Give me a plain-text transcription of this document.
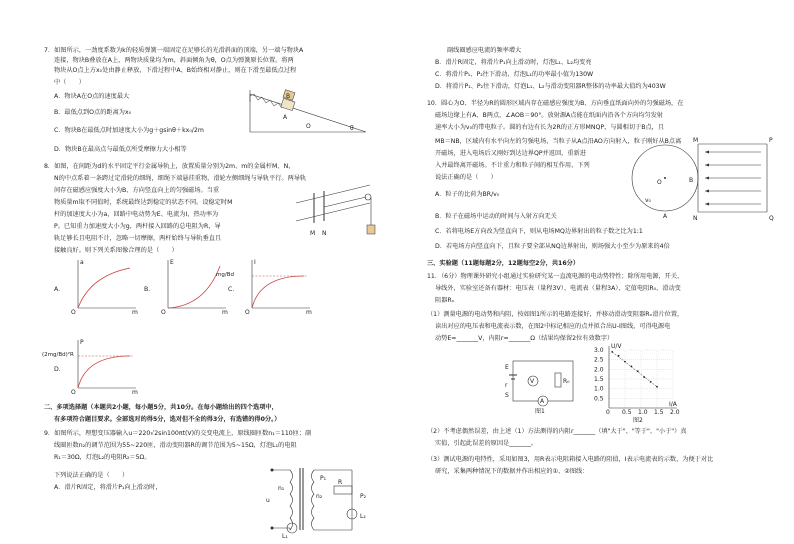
7．如图所示，一劲度系数为k的轻质弹簧一端固定在足够长的光滑斜面的顶端，另一端与物块A
连接，物块B叠放在A上，两物块质量均为m，斜面倾角为θ，O点为弹簧原长位置。将两
物块从O点上方x₀处由静止释放，下滑过程中A、B始终相对静止，则在下滑至最低点过程
中（　　）
A．物块A在O点的速度最大
B．最低点到O点的距离为x₀
C．物块B在最低点时加速度大小为g＋gsinθ＋kx₀/2m
D．物块B在最高点与最低点所受摩擦力大小相等
B
A
O	θ
8．如图，在间距为d的水平固定平行金属导轨上，放置质量分别为2m、m的金属杆M、N，
N的中点系着一条跨过定滑轮的细绳，细绳下端悬挂重物，滑轮左侧细绳与导轨平行。两导轨
间存在磁感应强度大小为B、方向竖直向上的匀强磁场。当重
物质量m取不同值时，系统最终达到稳定的状态不同。设稳定时M
杆的加速度大小为a，回路中电动势为E、电流为I，热功率为
P。已知重力加速度大小为g，两杆接入回路的总电阻为R，导
轨足够长且电阻不计，忽略一切摩擦，两杆始终与导轨垂直且
接触良好。则下列关系图像合理的是（　　）
M N
A．
a
m
O
B．
E
m
O
C．
I
m
O
mg/Bd
D．
P
m
O
(2mg/Bd)²R
二、多项选择题（本题共2小题，每小题5分，共10分。在每小题给出的四个选项中，
有多项符合题目要求。全部选对的得5分，选对但不全的得3分，有选错的得0分。）
9．如图所示，理想变压器输入u＝220√2sin100πt(V)的交变电流上，原线圈匝数n₁＝110匝；副
线圈匝数n₂的调节范围为55~220匝，滑动变阻器R的调节范围为5~15Ω，灯泡L₁的电阻
R₁＝30Ω，灯泡L₂的电阻R₂＝5Ω。
下列说法正确的是（　　）
A．滑片R固定，将滑片P₁向上滑动时，
u
n₁
n₂
P₁
P₂
R
L₁
L₂
副线圈感应电流的频率增大
B．滑片R固定，将滑片P₁向上滑动时，灯泡L₁、L₂均变亮
C．将滑片P₁、P₂往下滑动，灯泡L₁的功率最小值为130W
D．将滑片P₁、P₂往下滑动，灯泡L₁、L₂与滑动变阻器R整体的功率最大值约为403W
10．圆心为O、半径为R的圆形区域内存在磁感应强度为B、方向垂直纸面向外的匀强磁场，在
磁场边缘上有A、B两点，∠AOB＝90°。放射源A点能在纸面内沿各个方向均匀发射
速率大小为v₀的带电粒子。圆的右边有长为2R的正方形MNQP，与圆相切于B点，且
MB＝NB，区域内有水平向左的匀强电场，当粒子从A点沿AO方向射入，粒子刚好从B点离
开磁场，进入电场后又刚好到达边界QP并返回，重新进
入并最终离开磁场。不计重力和粒子间的相互作用，下列
说法正确的是（　　）
A．粒子的比荷为BR/v₀
B．粒子在磁场中运动的时间与入射方向无关
C．若将电场E方向改为竖直向下，则从电场MQ边界射出的粒子数之比为1:1
D．若电场方向竖直向下，且粒子要全部从NQ边界射出，则场强大小至少为原来的4倍
O
A
B
M
N
P
Q
v₀
三、实验题（11题每题2分，12题每空2分，共16分）
11．（6分）物理课外研究小组通过实验研究某一直流电源的电动势特性；除所用电源，开关、
导线外，实验室还备有器材：电压表（量程3V）、电流表（量程3A）、定值电阻R₀、滑动变
阻器Rₓ
（1）测量电源的电动势和内阻，按如图1所示的电路连接好，并移动滑动变阻器Rₓ滑片位置，
读出对应的电压表和电流表示数，在图2中标记相应的点并拟合出U-I图线，可得电源电
动势E=_______V，内阻r=_______Ω（结果均保留2位有效数字）
（2）不考虑偶然误差，由上述（1）方法测得的内阻r_______（填"大于"、"等于"、"小于"）真
实值，引起此误差的原因是_______。
（3）测试电源的电特性，采用如图3，用R表示电阻箱接入电路的阻值，I表示电流表的示数，为便于对比
研究，采集两种情况下的数据并作出相应的①、②图线：
E
r
S
V
A
R₀
图1
3.0
2.5
2.0
1.5
1.0
0.5
0 0.5 1.0 1.5 2.0
U/V
I/A
图2
